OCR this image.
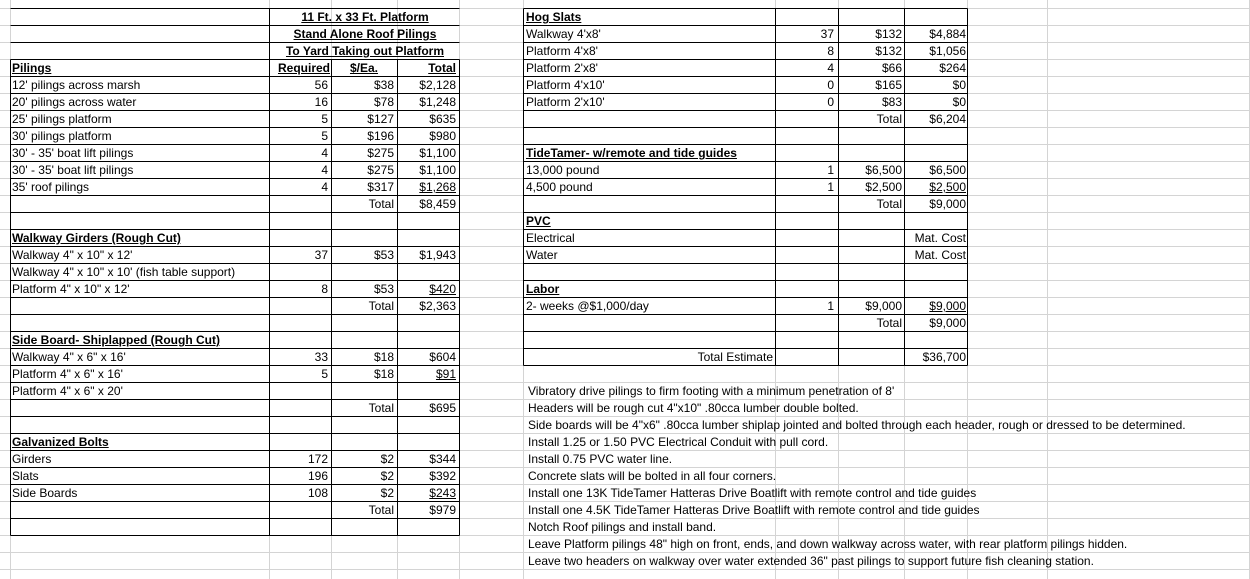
11 Ft. x 33 Ft. Platform
Stand Alone Roof Pilings
To Yard Taking out Platform
Required	$/Ea.	Total
Pilings
12' pilings across marsh	56	$38	$2,128
20' pilings across water	16	$78	$1,248
25' pilings platform	5	$127	$635
30' pilings platform	5	$196	$980
30' - 35' boat lift pilings	4	$275	$1,100
30' - 35' boat lift pilings	4	$275	$1,100
35' roof pilings	4	$317	$1,268
Total	$8,459
Walkway Girders (Rough Cut)
Walkway 4" x 10" x 12'	37	$53	$1,943
Walkway 4" x 10" x 10' (fish table support)
Platform 4" x 10" x 12'	8	$53	$420
Total	$2,363
Side Board- Shiplapped (Rough Cut)
Walkway 4" x 6" x 16'	33	$18	$604
Platform 4" x 6" x 16'	5	$18	$91
Platform 4" x 6" x 20'
Total	$695
Galvanized Bolts
Girders	172	$2	$344
Slats	196	$2	$392
Side Boards	108	$2	$243
Total	$979
Hog Slats
Walkway 4'x8'	37	$132	$4,884
Platform 4'x8'	8	$132	$1,056
Platform 2'x8'	4	$66	$264
Platform 4'x10'	0	$165	$0
Platform 2'x10'	0	$83	$0
Total	$6,204
TideTamer- w/remote and tide guides
13,000 pound	1	$6,500	$6,500
4,500 pound	1	$2,500	$2,500
Total	$9,000
PVC
Electrical	Mat. Cost
Water	Mat. Cost
Labor
2- weeks @$1,000/day	1	$9,000	$9,000
Total	$9,000
Total Estimate	$36,700
Vibratory drive pilings to firm footing with a minimum penetration of 8'
Headers will be rough cut 4"x10" .80cca lumber double bolted.
Side boards will be 4"x6" .80cca lumber shiplap jointed and bolted through each header, rough or dressed to be determined.
Install 1.25 or 1.50 PVC Electrical Conduit with pull cord.
Install 0.75 PVC water line.
Concrete slats will be bolted in all four corners.
Install one 13K TideTamer Hatteras Drive Boatlift with remote control and tide guides
Install one 4.5K TideTamer Hatteras Drive Boatlift with remote control and tide guides
Notch Roof pilings and install band.
Leave Platform pilings 48" high on front, ends, and down walkway across water, with rear platform pilings hidden.
Leave two headers on walkway over water extended 36" past pilings to support future fish cleaning station.
